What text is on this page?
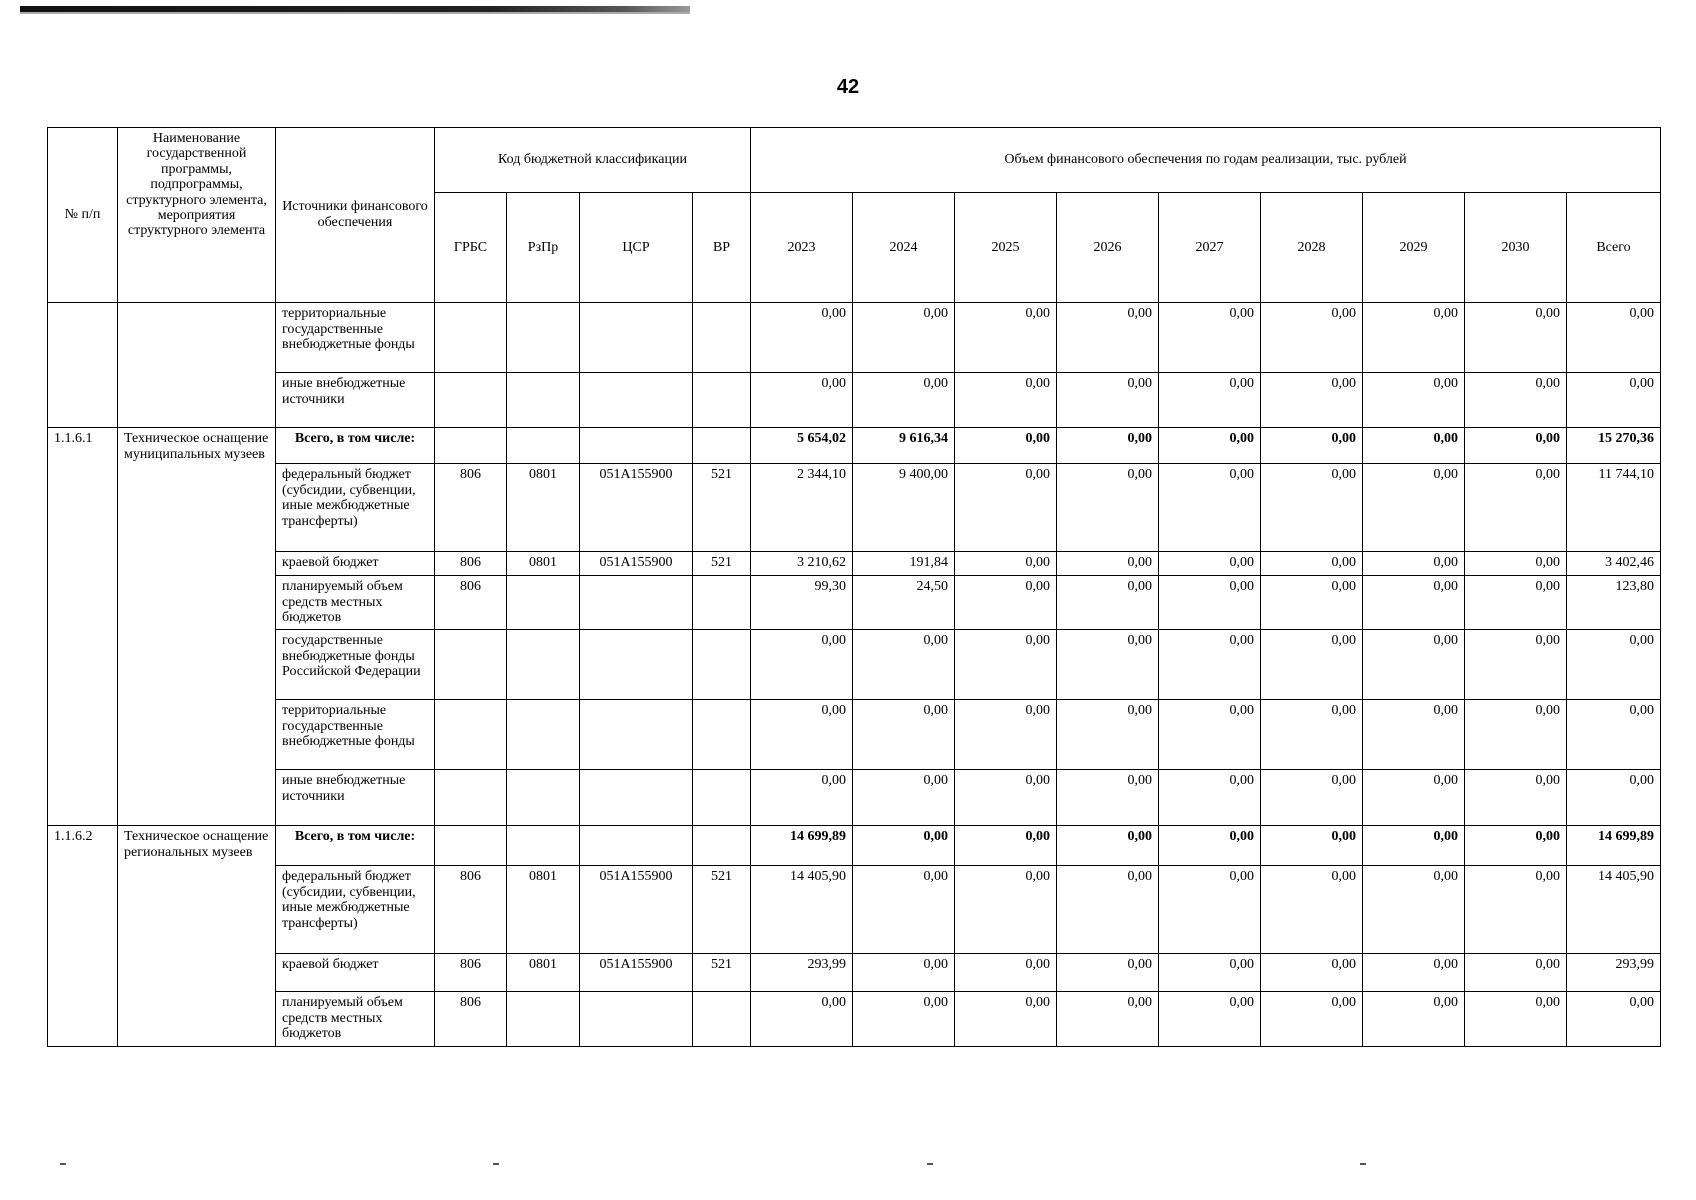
42
№ п/п	Наименование государственной программы, подпрограммы, структурного элемента, мероприятия структурного элемента	Источники финансового обеспечения	Код бюджетной классификации				Объем финансового обеспечения по годам реализации, тыс. рублей								
			ГРБС	РзПр	ЦСР	ВР	2023	2024	2025	2026	2027	2028	2029	2030	Всего
		территориальные государственные внебюджетные фонды					0,00	0,00	0,00	0,00	0,00	0,00	0,00	0,00	0,00
		иные внебюджетные источники					0,00	0,00	0,00	0,00	0,00	0,00	0,00	0,00	0,00
1.1.6.1	Техническое оснащение муниципальных музеев	Всего, в том числе:					5 654,02	9 616,34	0,00	0,00	0,00	0,00	0,00	0,00	15 270,36
		федеральный бюджет (субсидии, субвенции, иные межбюджетные трансферты)	806	0801	051А155900	521	2 344,10	9 400,00	0,00	0,00	0,00	0,00	0,00	0,00	11 744,10
		краевой бюджет	806	0801	051А155900	521	3 210,62	191,84	0,00	0,00	0,00	0,00	0,00	0,00	3 402,46
		планируемый объем средств местных бюджетов	806				99,30	24,50	0,00	0,00	0,00	0,00	0,00	0,00	123,80
		государственные внебюджетные фонды Российской Федерации					0,00	0,00	0,00	0,00	0,00	0,00	0,00	0,00	0,00
		территориальные государственные внебюджетные фонды					0,00	0,00	0,00	0,00	0,00	0,00	0,00	0,00	0,00
		иные внебюджетные источники					0,00	0,00	0,00	0,00	0,00	0,00	0,00	0,00	0,00
1.1.6.2	Техническое оснащение региональных музеев	Всего, в том числе:					14 699,89	0,00	0,00	0,00	0,00	0,00	0,00	0,00	14 699,89
		федеральный бюджет (субсидии, субвенции, иные межбюджетные трансферты)	806	0801	051А155900	521	14 405,90	0,00	0,00	0,00	0,00	0,00	0,00	0,00	14 405,90
		краевой бюджет	806	0801	051А155900	521	293,99	0,00	0,00	0,00	0,00	0,00	0,00	0,00	293,99
		планируемый объем средств местных бюджетов	806				0,00	0,00	0,00	0,00	0,00	0,00	0,00	0,00	0,00
